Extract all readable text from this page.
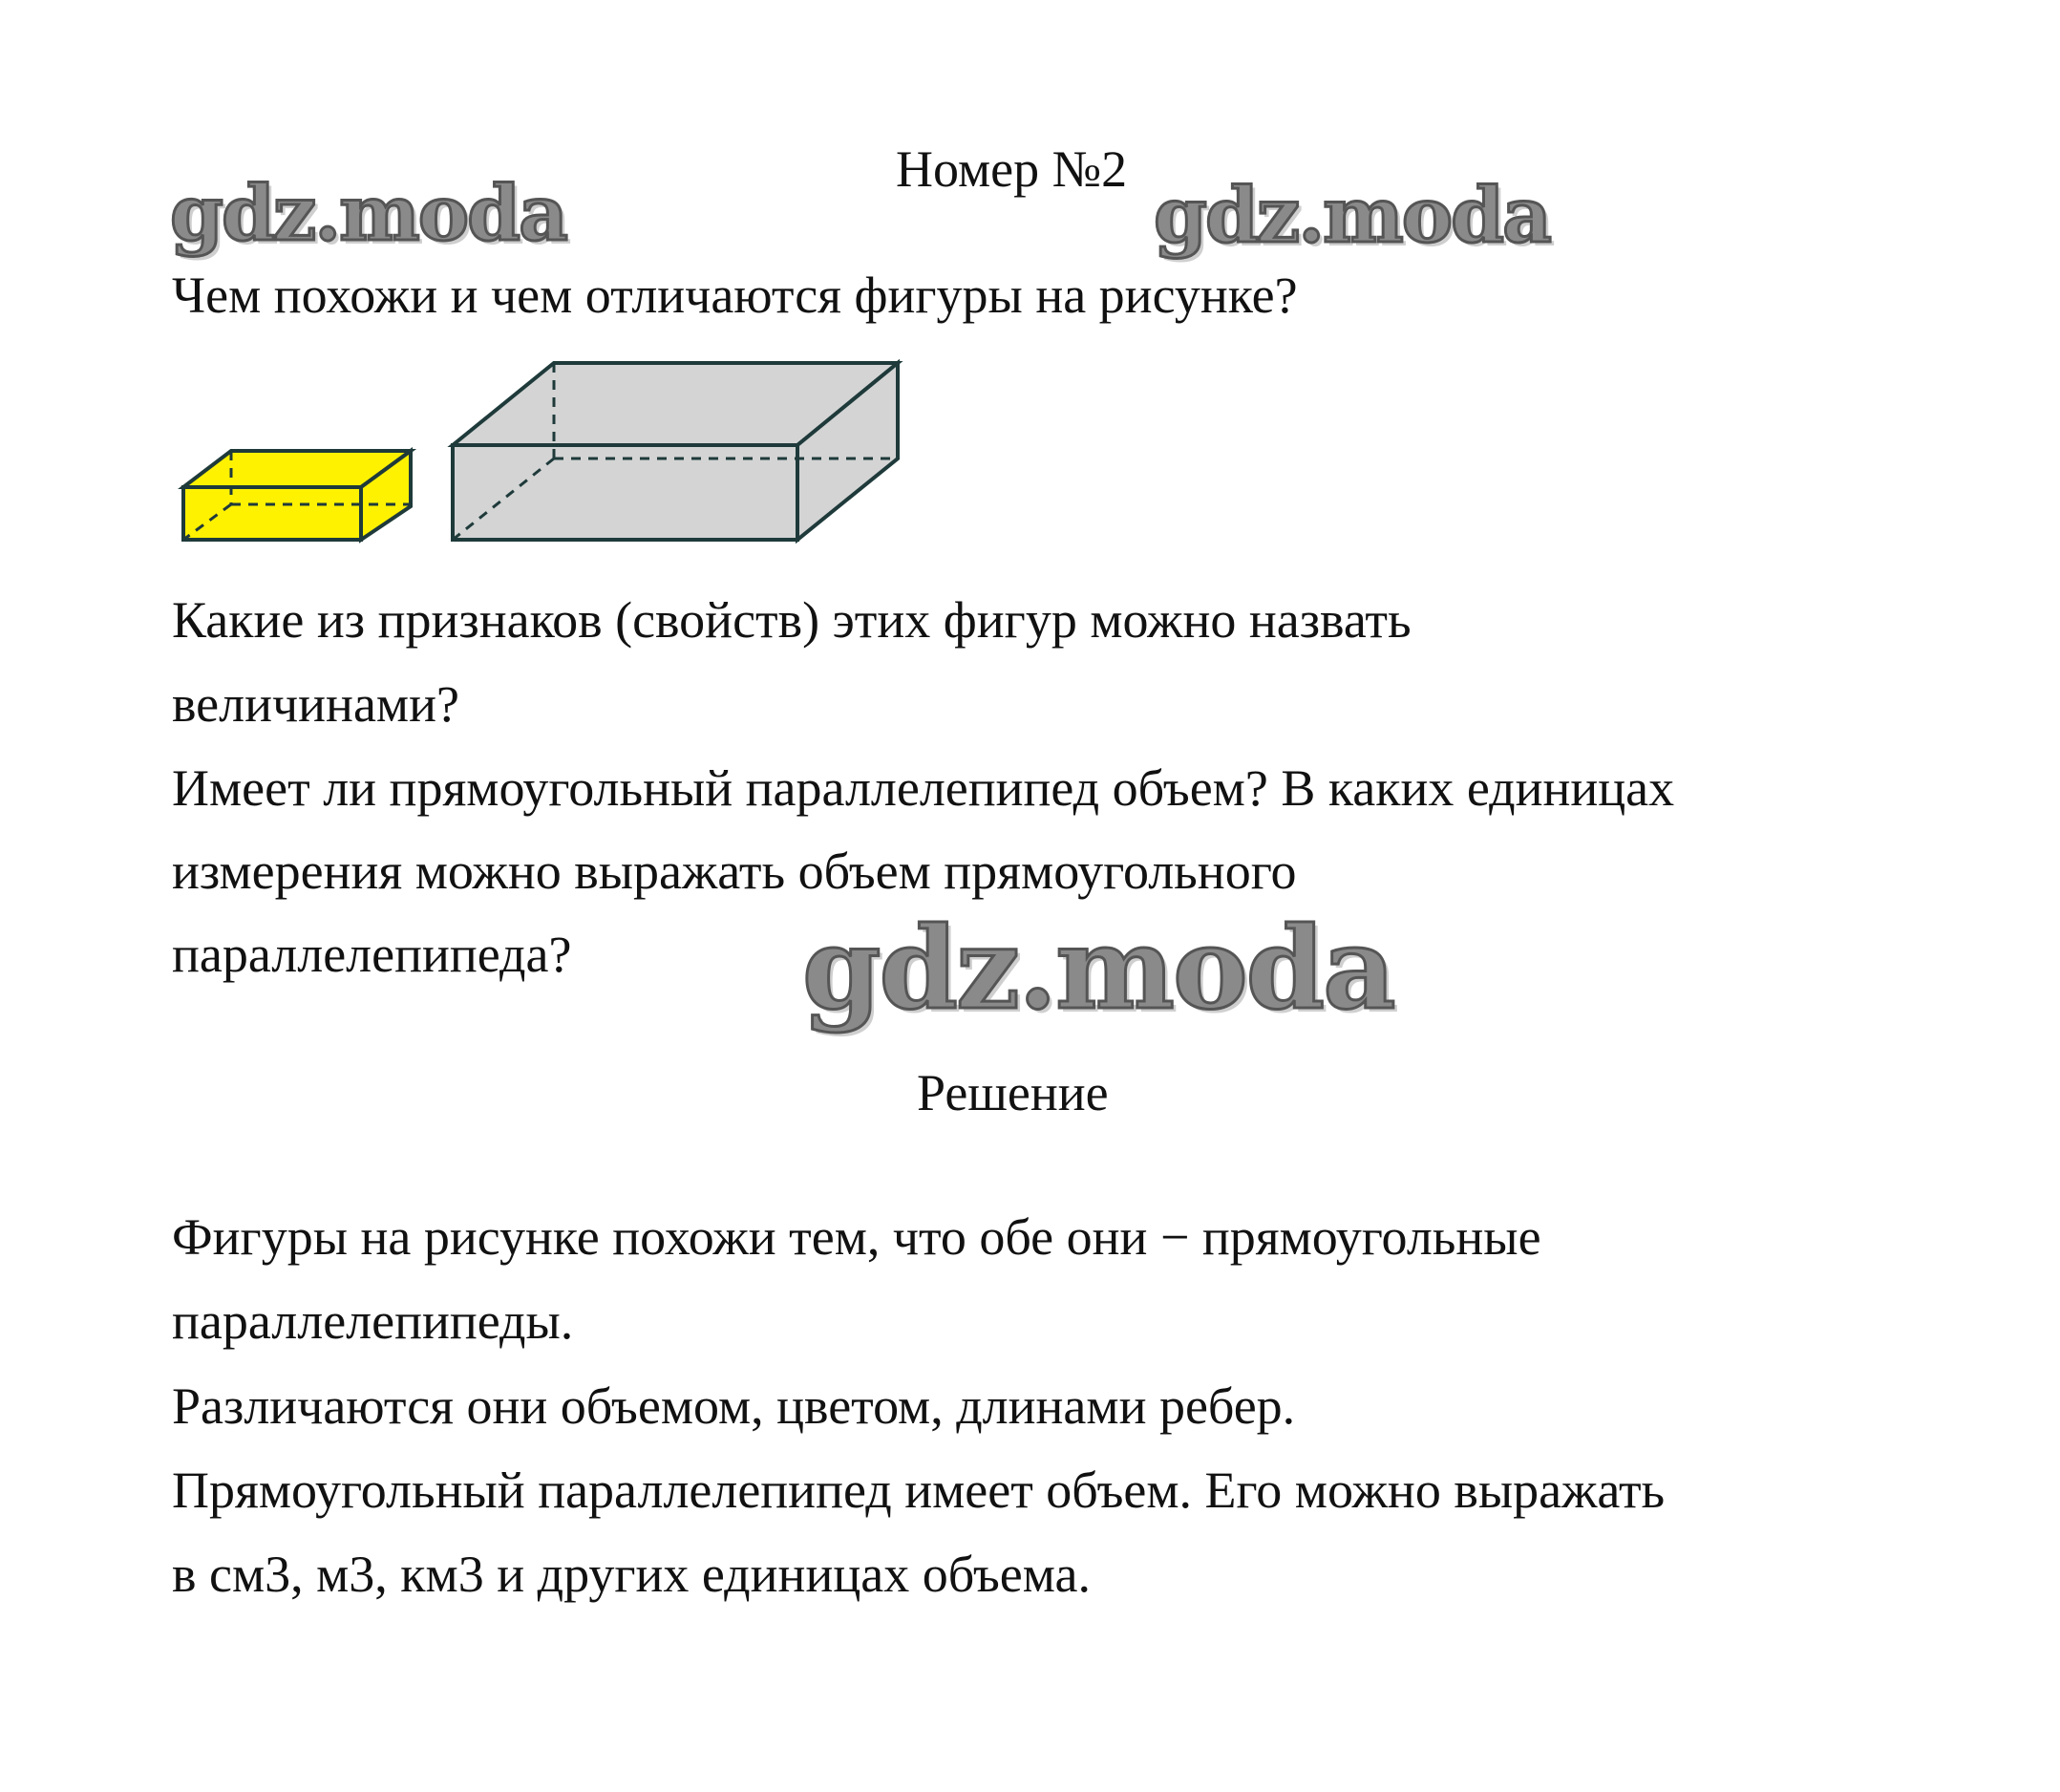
Номер №2
gdz.moda	gdz.moda
gdz.moda
Чем похожи и чем отличаются фигуры на рисунке?
Какие из признаков (свойств) этих фигур можно назвать
величинами?
Имеет ли прямоугольный параллелепипед объем? В каких единицах
измерения можно выражать объем прямоугольного
параллелепипеда?
Решение
Фигуры на рисунке похожи тем, что обе они − прямоугольные
параллелепипеды.
Различаются они объемом, цветом, длинами ребер.
Прямоугольный параллелепипед имеет объем. Его можно выражать
в см3, м3, км3 и других единицах объема.
